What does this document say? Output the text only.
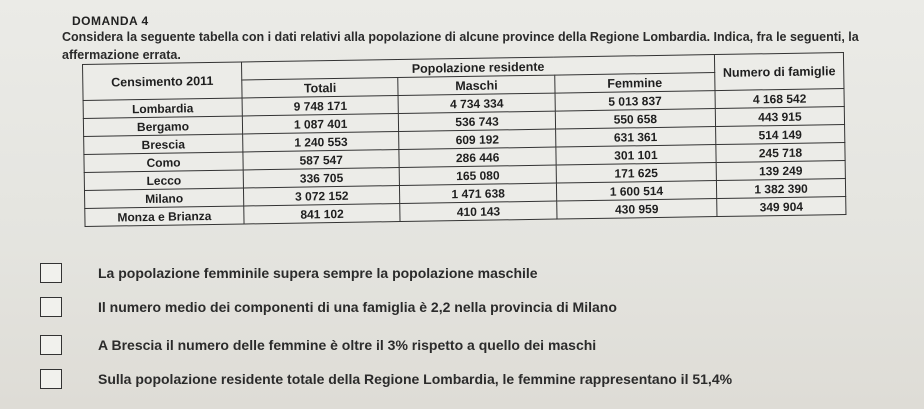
DOMANDA 4
Considera la seguente tabella con i dati relativi alla popolazione di alcune province della Regione Lombardia. Indica, fra le seguenti, la affermazione errata.
Censimento 2011	Popolazione residente			Numero di famiglie
	Totali	Maschi	Femmine	
Lombardia	9 748 171	4 734 334	5 013 837	4 168 542
Bergamo	1 087 401	536 743	550 658	443 915
Brescia	1 240 553	609 192	631 361	514 149
Como	587 547	286 446	301 101	245 718
Lecco	336 705	165 080	171 625	139 249
Milano	3 072 152	1 471 638	1 600 514	1 382 390
Monza e Brianza	841 102	410 143	430 959	349 904
La popolazione femminile supera sempre la popolazione maschile
Il numero medio dei componenti di una famiglia è 2,2 nella provincia di Milano
A Brescia il numero delle femmine è oltre il 3% rispetto a quello dei maschi
Sulla popolazione residente totale della Regione Lombardia, le femmine rappresentano il 51,4%
